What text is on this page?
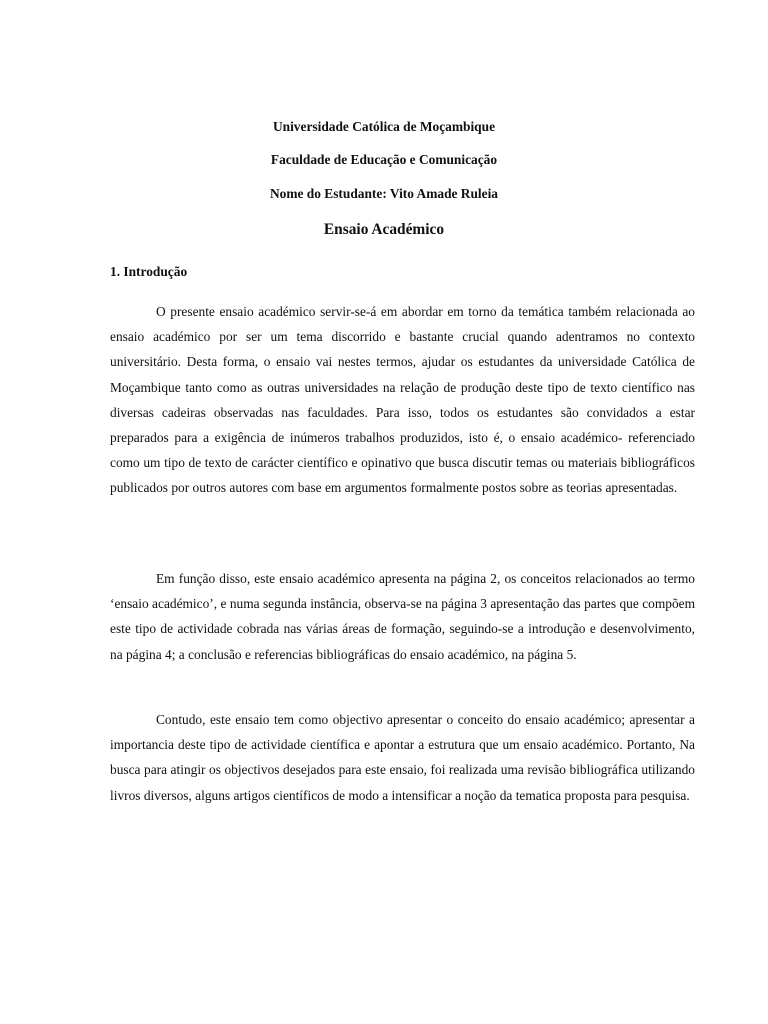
Universidade Católica de Moçambique
Faculdade de Educação e Comunicação
Nome do Estudante: Vito Amade Ruleia
Ensaio Académico
1. Introdução

O presente ensaio académico servir-se-á em abordar em torno da temática também relacionada ao ensaio académico por ser um tema discorrido e bastante crucial quando adentramos no contexto universitário. Desta forma, o ensaio vai nestes termos, ajudar os estudantes da universidade Católica de Moçambique tanto como as outras universidades na relação de produção deste tipo de texto científico nas diversas cadeiras observadas nas faculdades. Para isso, todos os estudantes são convidados a estar preparados para a exigência de inúmeros trabalhos produzidos, isto é, o ensaio académico- referenciado como um tipo de texto de carácter científico e opinativo que busca discutir temas ou materiais bibliográficos publicados por outros autores com base em argumentos formalmente postos sobre as teorias apresentadas.

Em função disso, este ensaio académico apresenta na página 2, os conceitos relacionados ao termo ‘ensaio académico’, e numa segunda instância, observa-se na página 3 apresentação das partes que compõem este tipo de actividade cobrada nas várias áreas de formação, seguindo-se a introdução e desenvolvimento, na página 4; a conclusão e referencias bibliográficas do ensaio académico, na página 5.

Contudo, este ensaio tem como objectivo apresentar o conceito do ensaio académico; apresentar a importancia deste tipo de actividade científica e apontar a estrutura que um ensaio académico. Portanto, Na busca para atingir os objectivos desejados para este ensaio, foi realizada uma revisão bibliográfica utilizando livros diversos, alguns artigos científicos de modo a intensificar a noção da tematica proposta para pesquisa.
